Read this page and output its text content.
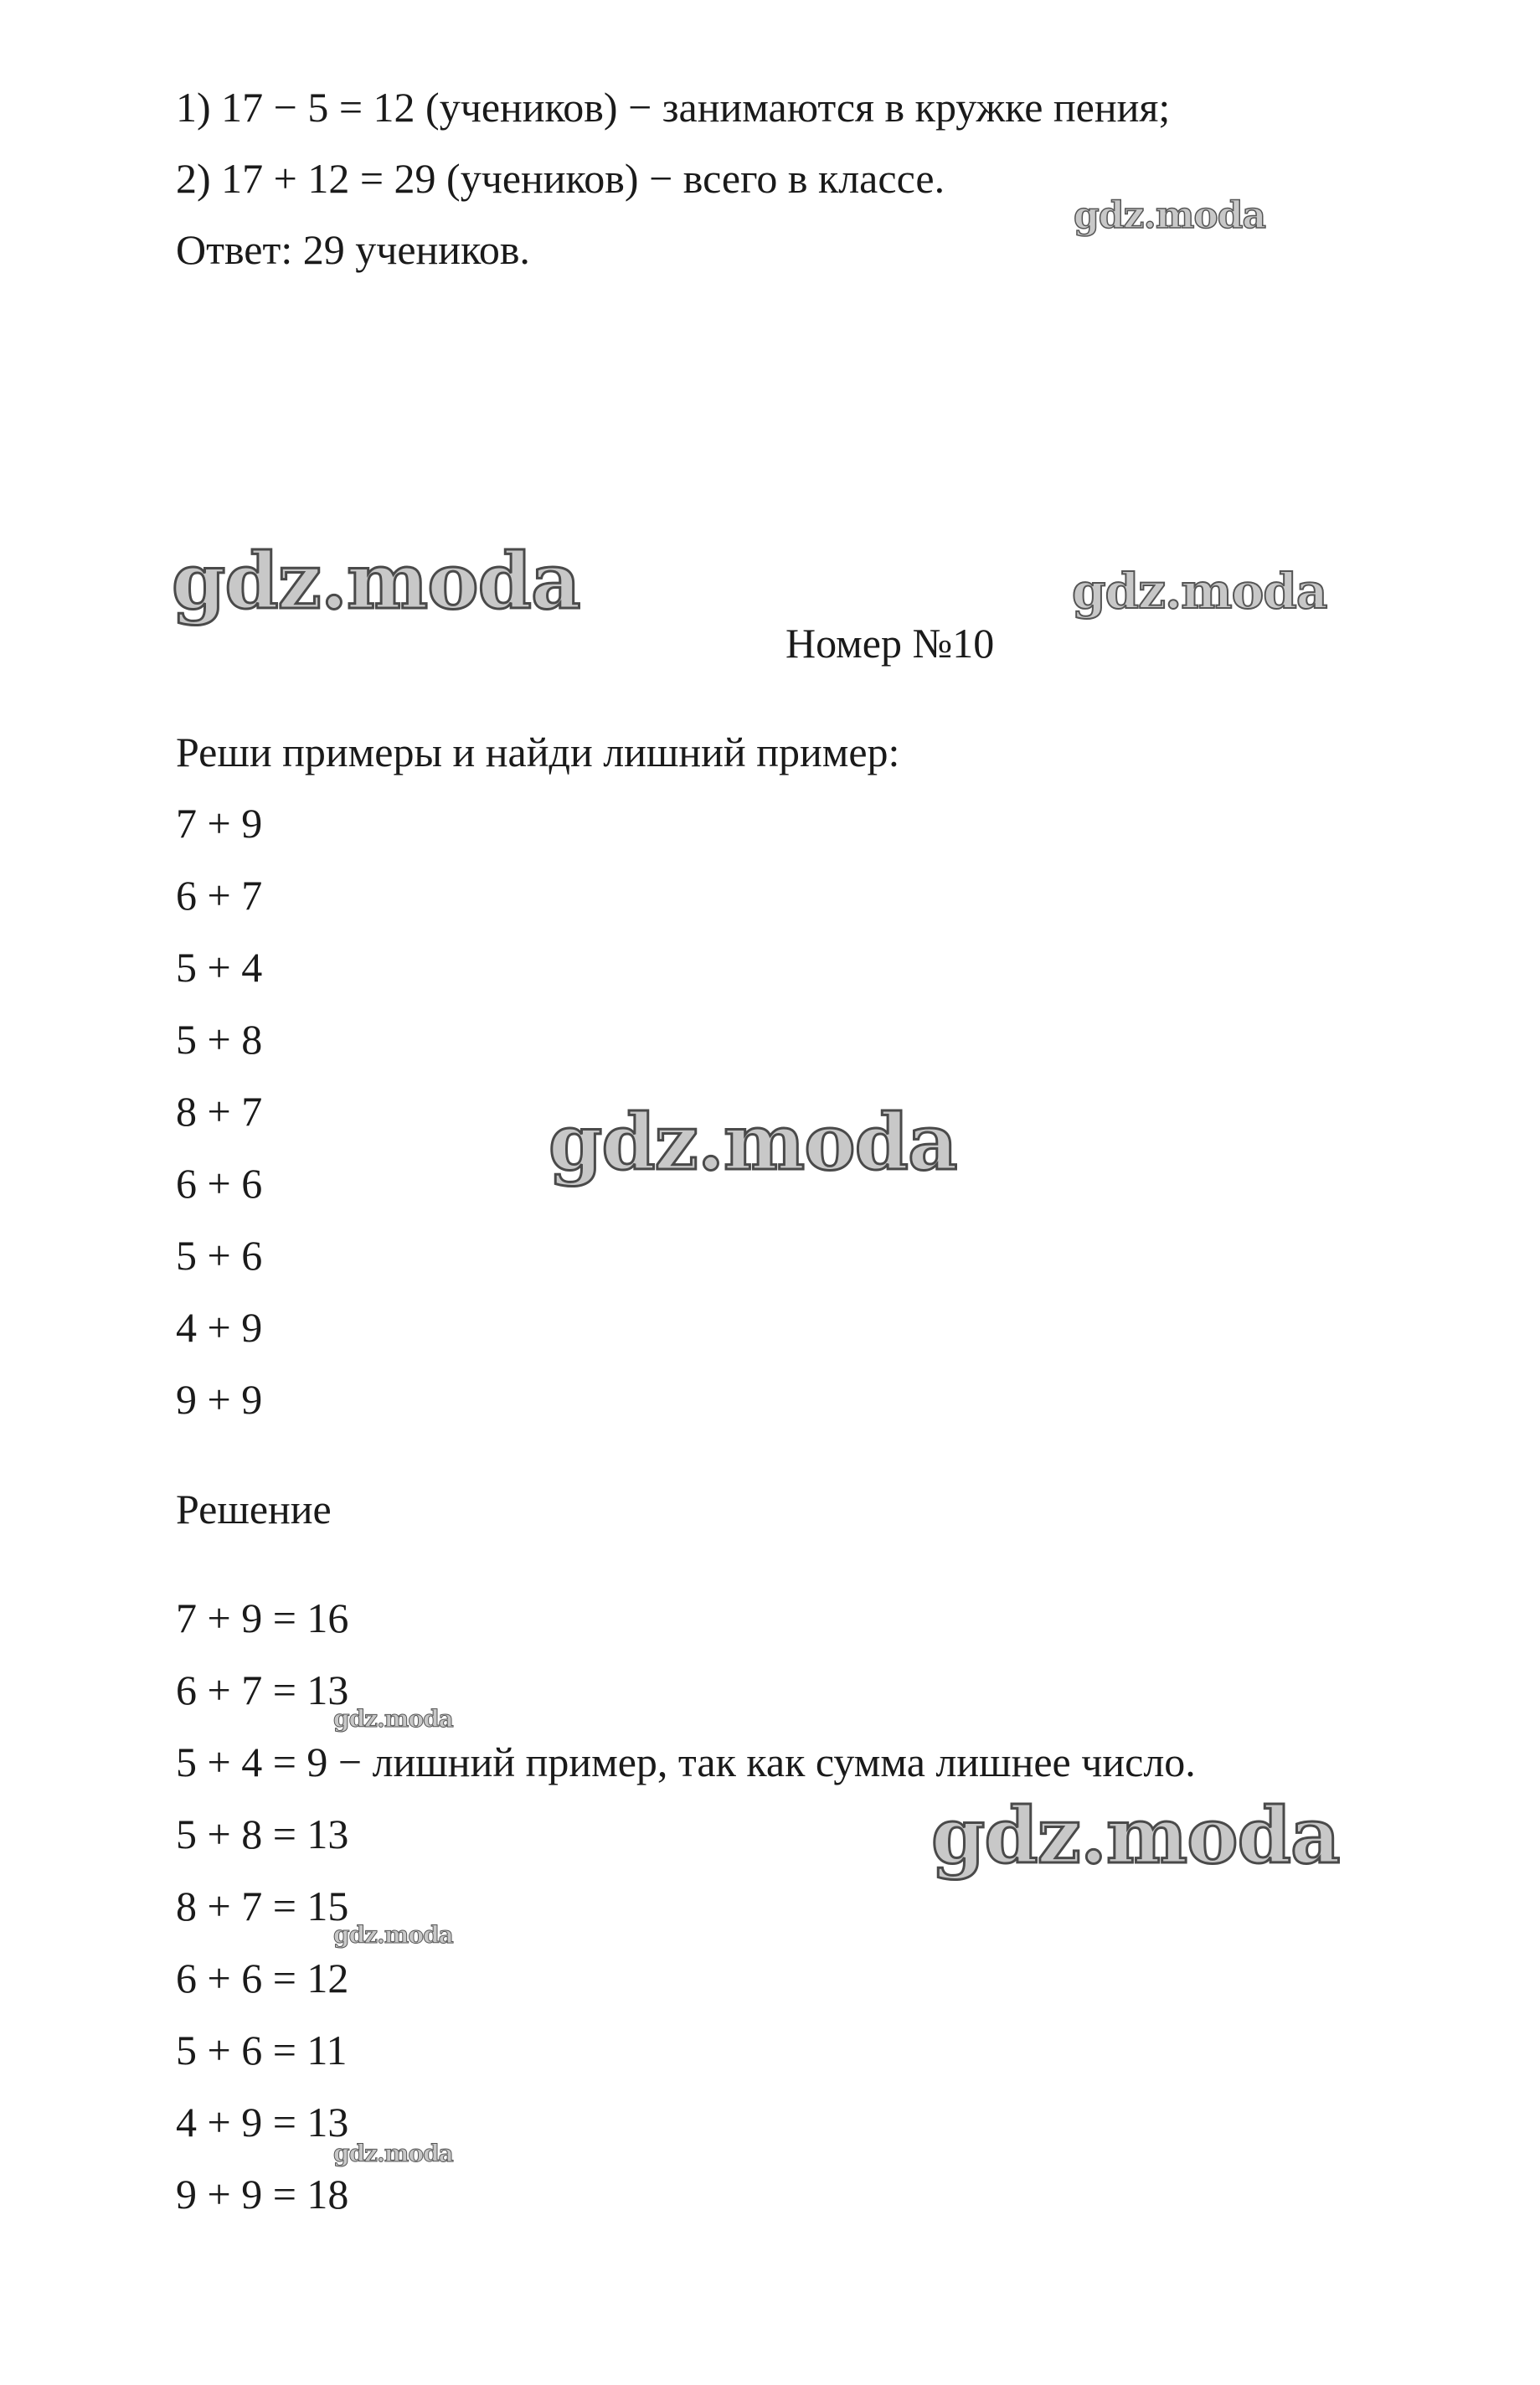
1) 17 − 5 = 12 (учеников) − занимаются в кружке пения;
2) 17 + 12 = 29 (учеников) − всего в классе.
Ответ: 29 учеников.
Номер №10
Реши примеры и найди лишний пример:
7 + 9
6 + 7
5 + 4
5 + 8
8 + 7
6 + 6
5 + 6
4 + 9
9 + 9
Решение
7 + 9 = 16
6 + 7 = 13
5 + 4 = 9 − лишний пример, так как сумма лишнее число.
5 + 8 = 13
8 + 7 = 15
6 + 6 = 12
5 + 6 = 11
4 + 9 = 13
9 + 9 = 18
gdz.moda
gdz.moda	gdz.moda
gdz.moda
gdz.moda
gdz.moda
gdz.moda
gdz.moda
